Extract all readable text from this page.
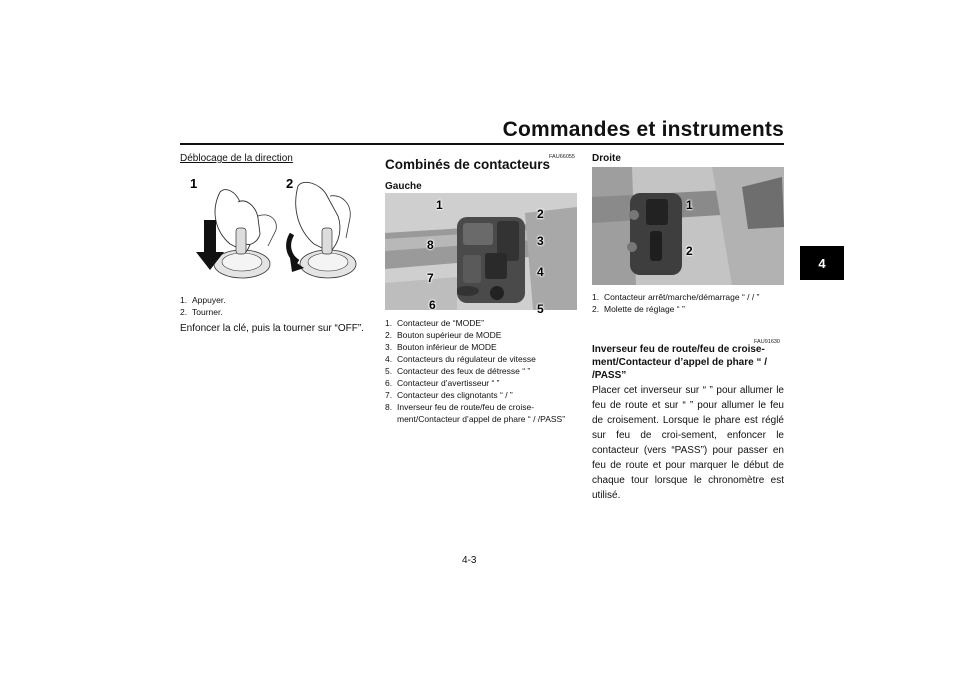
Commandes et instruments
4
Déblocage de la direction
1	2
1. Appuyer.
2. Tourner.
Enfoncer la clé, puis la tourner sur “OFF”.
FAU66055
Combinés de contacteurs
Gauche
1
2
3
4
5
6
7
8
1. Contacteur de “MODE”
2. Bouton supérieur de MODE
3. Bouton inférieur de MODE
4. Contacteurs du régulateur de vitesse
5. Contacteur des feux de détresse “ ”
6. Contacteur d’avertisseur “ ”
7. Contacteur des clignotants “ / ”
8. Inverseur feu de route/feu de croise-ment/Contacteur d’appel de phare “ / /PASS”
Droite
1
2
1. Contacteur arrêt/marche/démarrage “ / / ”
2. Molette de réglage “ ”
FAU91630
Inverseur feu de route/feu de croise-ment/Contacteur d’appel de phare “ / /PASS”
Placer cet inverseur sur “ ” pour allumer le feu de route et sur “ ” pour allumer le feu de croisement. Lorsque le phare est réglé sur feu de croi-sement, enfoncer le contacteur (vers “PASS”) pour passer en feu de route et pour marquer le début de chaque tour lorsque le chronomètre est utilisé.
4-3
